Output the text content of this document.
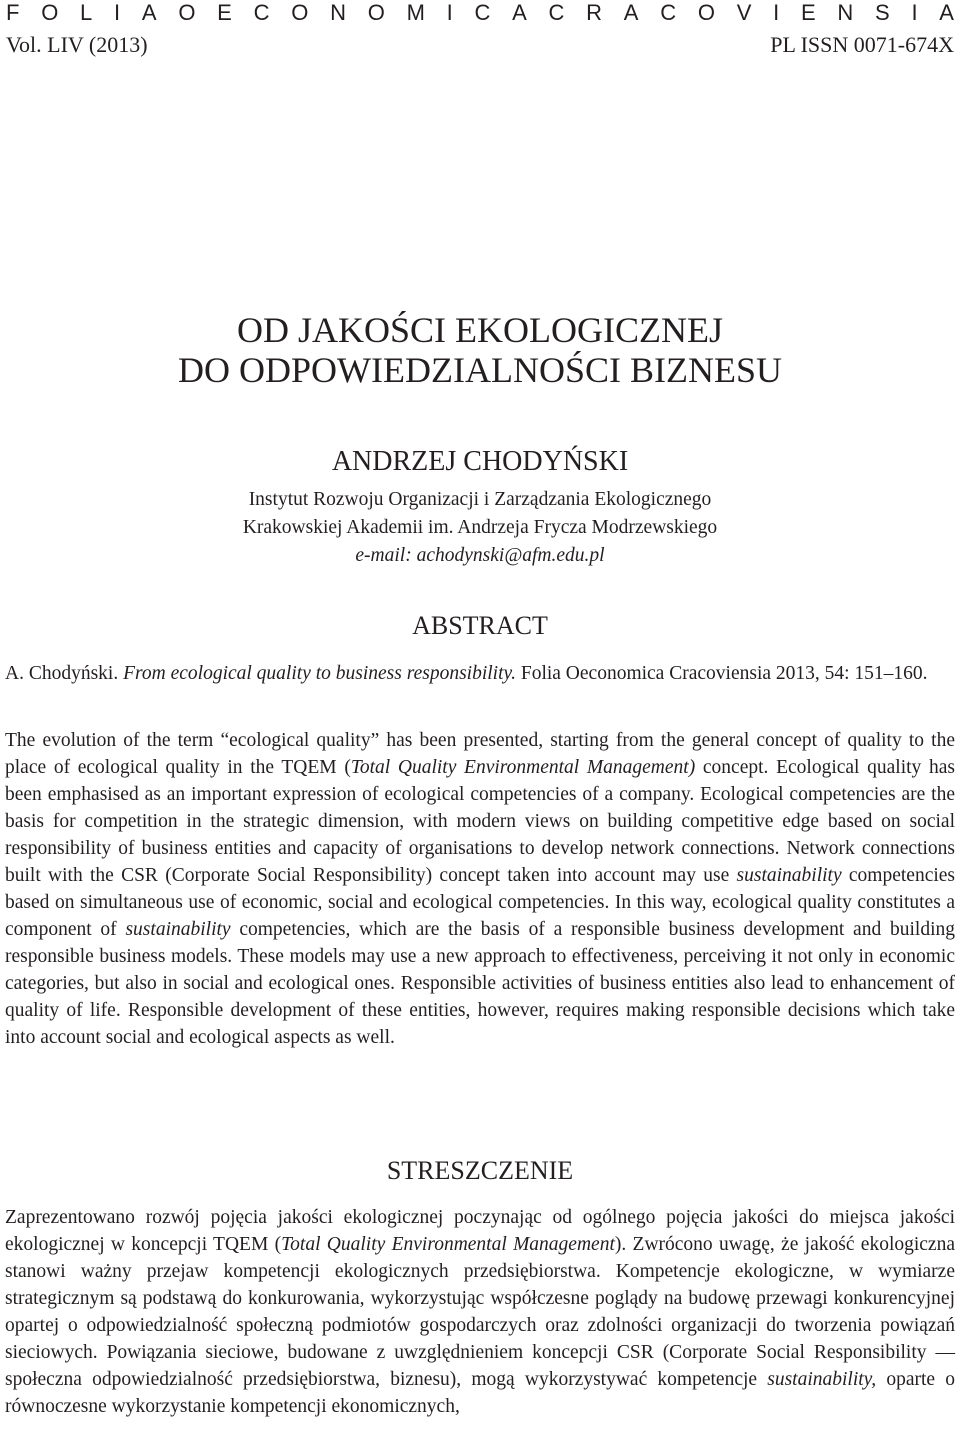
F O L I A O E C O N O M I C A C R A C O V I E N S I A
Vol. LIV (2013)	PL ISSN 0071-674X
OD JAKOŚCI EKOLOGICZNEJ
DO ODPOWIEDZIALNOŚCI BIZNESU
ANDRZEJ CHODYŃSKI
Instytut Rozwoju Organizacji i Zarządzania Ekologicznego
Krakowskiej Akademii im. Andrzeja Frycza Modrzewskiego
e-mail: achodynski@afm.edu.pl
ABSTRACT
A. Chodyński. From ecological quality to business responsibility. Folia Oeconomica Cracoviensia 2013, 54: 151–160.
The evolution of the term “ecological quality” has been presented, starting from the general concept of quality to the place of ecological quality in the TQEM (Total Quality Environmental Management) concept. Ecological quality has been emphasised as an important expression of ecological competencies of a company. Ecological competencies are the basis for competition in the strategic dimension, with modern views on building competitive edge based on social responsibility of business entities and capacity of organisations to develop network connections. Network connections built with the CSR (Corporate Social Responsibility) concept taken into account may use sustainability competencies based on simultaneous use of economic, social and ecological competencies. In this way, ecological quality constitutes a component of sustainability competencies, which are the basis of a responsible business development and building responsible business models. These models may use a new approach to effectiveness, perceiving it not only in economic categories, but also in social and ecological ones. Responsible activities of business entities also lead to enhancement of quality of life. Responsible development of these entities, however, requires making responsible decisions which take into account social and ecological aspects as well.
STRESZCZENIE
Zaprezentowano rozwój pojęcia jakości ekologicznej poczynając od ogólnego pojęcia jakości do miejsca jakości ekologicznej w koncepcji TQEM (Total Quality Environmental Management). Zwrócono uwagę, że jakość ekologiczna stanowi ważny przejaw kompetencji ekologicznych przedsiębiorstwa. Kompetencje ekologiczne, w wymiarze strategicznym są podstawą do konkurowania, wykorzystując współczesne poglądy na budowę przewagi konkurencyjnej opartej o odpowiedzialność społeczną podmiotów gospodarczych oraz zdolności organizacji do tworzenia powiązań sieciowych. Powiązania sieciowe, budowane z uwzględnieniem koncepcji CSR (Corporate Social Responsibility — społeczna odpowiedzialność przedsiębiorstwa, biznesu), mogą wykorzystywać kompetencje sustainability, oparte o równoczesne wykorzystanie kompetencji ekonomicznych,
